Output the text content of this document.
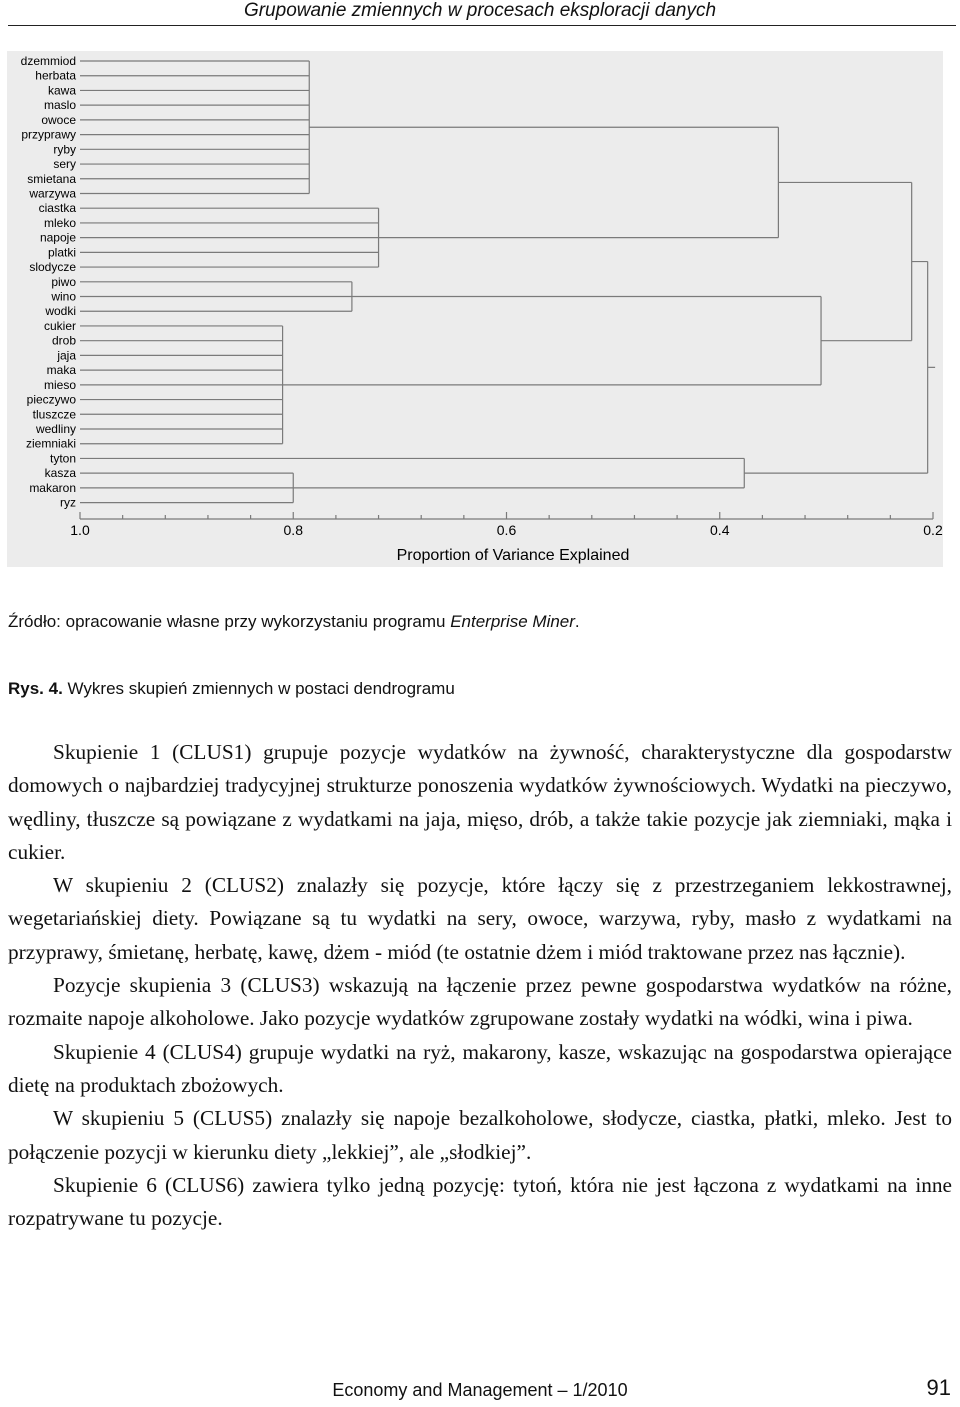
Grupowanie zmiennych w procesach eksploracji danych
dzemmiod
herbata
kawa
maslo
owoce
przyprawy
ryby
sery
smietana
warzywa
ciastka
mleko
napoje
platki
slodycze
piwo
wino
wodki
cukier
drob
jaja
maka
mieso
pieczywo
tluszcze
wedliny
ziemniaki
tyton
kasza
makaron
ryz
1.0	0.8	0.6	0.4	0.2
Proportion of Variance Explained
Źródło: opracowanie własne przy wykorzystaniu programu Enterprise Miner.
Rys. 4. Wykres skupień zmiennych w postaci dendrogramu

Skupienie 1 (CLUS1) grupuje pozycje wydatków na żywność, charakterystyczne dla gospodarstw domowych o najbardziej tradycyjnej strukturze ponoszenia wydatków żywnościowych. Wydatki na pieczywo, wędliny, tłuszcze są powiązane z wydatkami na jaja, mięso, drób, a także takie pozycje jak ziemniaki, mąka i cukier.

W skupieniu 2 (CLUS2) znalazły się pozycje, które łączy się z przestrzeganiem lekkostrawnej, wegetariańskiej diety. Powiązane są tu wydatki na sery, owoce, warzywa, ryby, masło z wydatkami na przyprawy, śmietanę, herbatę, kawę, dżem - miód (te ostatnie dżem i miód traktowane przez nas łącznie).

Pozycje skupienia 3 (CLUS3) wskazują na łączenie przez pewne gospodarstwa wydatków na różne, rozmaite napoje alkoholowe. Jako pozycje wydatków zgrupowane zostały wydatki na wódki, wina i piwa.

Skupienie 4 (CLUS4) grupuje wydatki na ryż, makarony, kasze, wskazując na gospodarstwa opierające dietę na produktach zbożowych.

W skupieniu 5 (CLUS5) znalazły się napoje bezalkoholowe, słodycze, ciastka, płatki, mleko. Jest to połączenie pozycji w kierunku diety „lekkiej”, ale „słodkiej”.

Skupienie 6 (CLUS6) zawiera tylko jedną pozycję: tytoń, która nie jest łączona z wydatkami na inne rozpatrywane tu pozycje.

Economy and Management – 1/2010	91
